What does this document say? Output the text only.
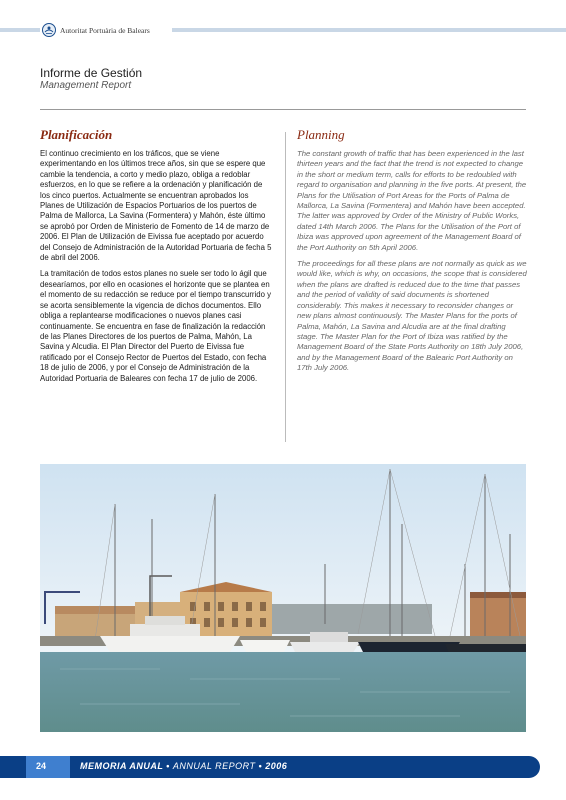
Autoritat Portuària de Balears
Informe de Gestión
Management Report
Planificación

El continuo crecimiento en los tráficos, que se viene experimentando en los últimos trece años, sin que se espere que cambie la tendencia, a corto y medio plazo, obliga a redoblar esfuerzos, en lo que se refiere a la ordenación y planificación de los cinco puertos. Actualmente se encuentran aprobados los Planes de Utilización de Espacios Portuarios de los puertos de Palma de Mallorca, La Savina (Formentera) y Mahón, éste último se aprobó por Orden de Ministerio de Fomento de 14 de marzo de 2006. El Plan de Utilización de Eivissa fue aceptado por acuerdo del Consejo de Administración de la Autoridad Portuaria de fecha 5 de abril del 2006.

La tramitación de todos estos planes no suele ser todo lo ágil que desearíamos, por ello en ocasiones el horizonte que se plantea en el momento de su redacción se reduce por el tiempo transcurrido y se acorta sensiblemente la vigencia de dichos documentos. Ello obliga a replantearse modificaciones o nuevos planes casi continuamente. Se encuentra en fase de finalización la redacción de las Planes Directores de los puertos de Palma, Mahón, La Savina y Alcudia. El Plan Director del Puerto de Eivissa fue ratificado por el Consejo Rector de Puertos del Estado, con fecha 18 de julio de 2006, y por el Consejo de Administración de la Autoridad Portuaria de Baleares con fecha 17 de julio de 2006.

Planning

The constant growth of traffic that has been experienced in the last thirteen years and the fact that the trend is not expected to change in the short or medium term, calls for efforts to be redoubled with regard to organisation and planning in the five ports. At present, the Plans for the Utilisation of Port Areas for the Ports of Palma de Mallorca, La Savina (Formentera) and Mahón have been accepted. The latter was approved by Order of the Ministry of Public Works, dated 14th March 2006. The Plans for the Utilisation of the Port of Ibiza was approved upon agreement of the Management Board of the Port Authority on 5th April 2006.

The proceedings for all these plans are not normally as quick as we would like, which is why, on occasions, the scope that is considered when the plans are drafted is reduced due to the time that passes and the period of validity of said documents is shortened considerably. This makes it necessary to reconsider changes or new plans almost continuously. The Master Plans for the ports of Palma, Mahón, La Savina and Alcudia are at the final drafting stage. The Master Plan for the Port of Ibiza was ratified by the Management Board of the State Ports Authority on 18th July 2006, and by the Management Board of the Balearic Port Authority on 17th July 2006.

24	MEMORIA ANUAL • ANNUAL REPORT • 2006
